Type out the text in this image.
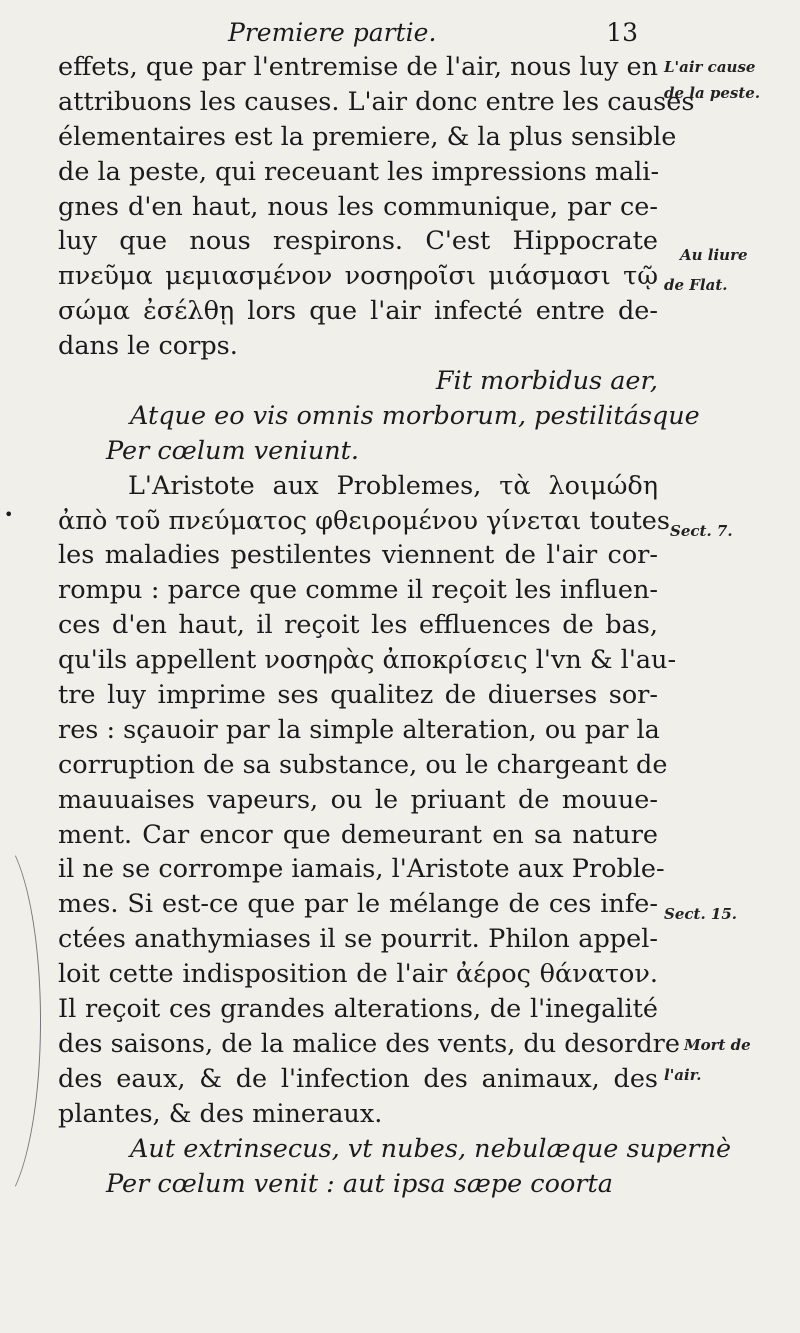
Premiere partie.	13
effets, que par l'entremise de l'air, nous luy en
attribuons les causes. L'air donc entre les causes
élementaires est la premiere, & la plus sensible
de la peste, qui receuant les impressions mali-
gnes d'en haut, nous les communique, par ce-
luy que nous respirons. C'est Hippocrate
πνεῦμα μεμιασμένον νοσηροῖσι μιάσμασι τῷ
σώμα ἐσέλθῃ lors que l'air infecté entre de-
dans le corps.
Fit morbidus aer,
Atque eo vis omnis morborum, pestilitásque
Per cœlum veniunt.
L'Aristote aux Problemes, τὰ λοιμώδη
ἀπὸ τοῦ πνεύματος φθειρομένου γίνεται toutes
les maladies pestilentes viennent de l'air cor-
rompu : parce que comme il reçoit les influen-
ces d'en haut, il reçoit les effluences de bas,
qu'ils appellent νοσηρὰς ἀποκρίσεις l'vn & l'au-
tre luy imprime ses qualitez de diuerses sor-
res : sçauoir par la simple alteration, ou par la
corruption de sa substance, ou le chargeant de
mauuaises vapeurs, ou le priuant de mouue-
ment. Car encor que demeurant en sa nature
il ne se corrompe iamais, l'Aristote aux Proble-
mes. Si est-ce que par le mélange de ces infe-
ctées anathymiases il se pourrit. Philon appel-
loit cette indisposition de l'air ἀέρος θάνατον.
Il reçoit ces grandes alterations, de l'inegalité
des saisons, de la malice des vents, du desordre
des eaux, & de l'infection des animaux, des
plantes, & des mineraux.
Aut extrinsecus, vt nubes, nebulæque supernè
Per cœlum venit : aut ipsa sæpe coorta
L'air cause
de la peste.
Au liure
de Flat.
Sect. 7.
Sect. 15.
Mort de
l'air.
•
